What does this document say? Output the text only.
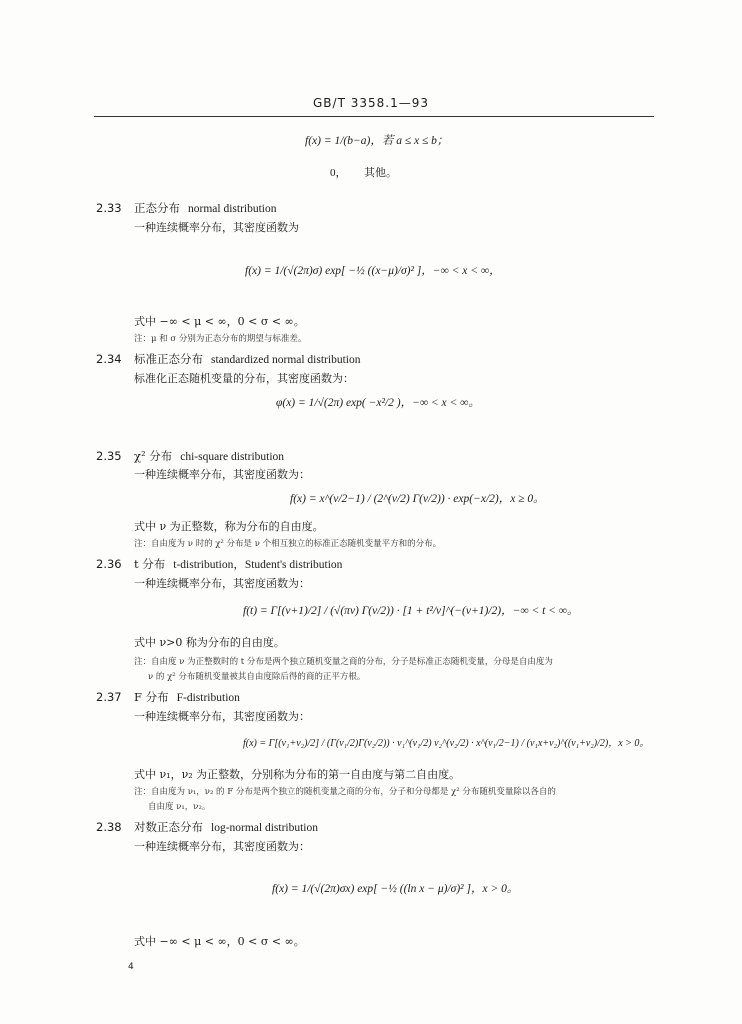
GB/T 3358.1—93
f(x) = 1/(b−a)，若 a ≤ x ≤ b；
0， 其他。
2.33 正态分布 normal distribution
一种连续概率分布，其密度函数为
f(x) = 1/(√(2π)σ) exp[ −½ ((x−μ)/σ)² ]，−∞ < x < ∞，
式中 −∞ < μ < ∞，0 < σ < ∞。
注：μ 和 σ 分别为正态分布的期望与标准差。
2.34 标准正态分布 standardized normal distribution
标准化正态随机变量的分布，其密度函数为：
φ(x) = 1/√(2π) exp( −x²/2 )，−∞ < x < ∞。
2.35 χ² 分布 chi-square distribution
一种连续概率分布，其密度函数为：
f(x) = x^(ν/2−1) / (2^(ν/2) Γ(ν/2)) · exp(−x/2)，x ≥ 0。
式中 ν 为正整数，称为分布的自由度。
注：自由度为 ν 时的 χ² 分布是 ν 个相互独立的标准正态随机变量平方和的分布。
2.36 t 分布 t-distribution，Student's distribution
一种连续概率分布，其密度函数为：
f(t) = Γ[(ν+1)/2] / (√(πν) Γ(ν/2)) · [1 + t²/ν]^(−(ν+1)/2)，−∞ < t < ∞。
式中 ν>0 称为分布的自由度。
注：自由度 ν 为正整数时的 t 分布是两个独立随机变量之商的分布，分子是标准正态随机变量，分母是自由度为
ν 的 χ² 分布随机变量被其自由度除后得的商的正平方根。
2.37 F 分布 F-distribution
一种连续概率分布，其密度函数为：
f(x) = Γ[(ν₁+ν₂)/2] / (Γ(ν₁/2)Γ(ν₂/2)) · ν₁^(ν₁/2) ν₂^(ν₂/2) · x^(ν₁/2−1) / (ν₁x+ν₂)^((ν₁+ν₂)/2)，x > 0。
式中 ν₁，ν₂ 为正整数，分别称为分布的第一自由度与第二自由度。
注：自由度为 ν₁，ν₂ 的 F 分布是两个独立的随机变量之商的分布，分子和分母都是 χ² 分布随机变量除以各自的
自由度 ν₁，ν₂。
2.38 对数正态分布 log-normal distribution
一种连续概率分布，其密度函数为：
f(x) = 1/(√(2π)σx) exp[ −½ ((ln x − μ)/σ)² ]，x > 0。
式中 −∞ < μ < ∞，0 < σ < ∞。
4
